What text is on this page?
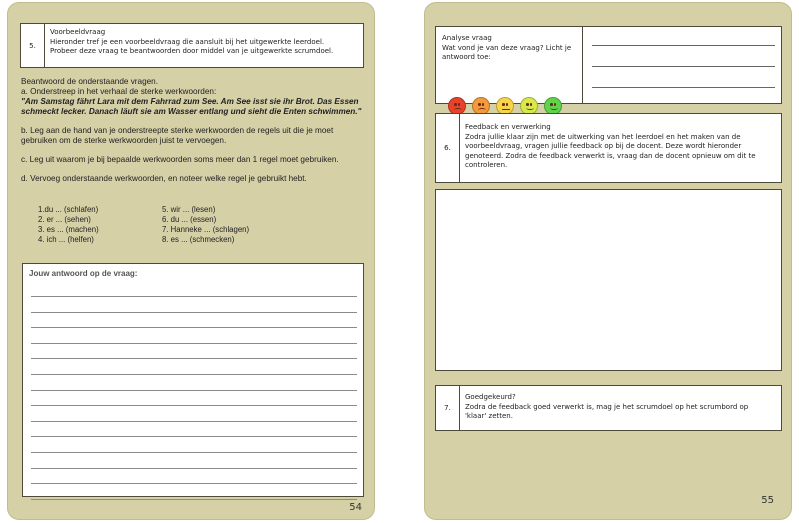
5.
Voorbeeldvraag
Hieronder tref je een voorbeeldvraag die aansluit bij het uitgewerkte leerdoel.
Probeer deze vraag te beantwoorden door middel van je uitgewerkte scrumdoel.
Beantwoord de onderstaande vragen.
a. Onderstreep in het verhaal de sterke werkwoorden:
"Am Samstag fährt Lara mit dem Fahrrad zum See. Am See isst sie ihr Brot. Das Essen
schmeckt lecker. Danach läuft sie am Wasser entlang und sieht die Enten schwimmen."
b. Leg aan de hand van je onderstreepte sterke werkwoorden de regels uit die je moet
gebruiken om de sterke werkwoorden juist te vervoegen.
c. Leg uit waarom je bij bepaalde werkwoorden soms meer dan 1 regel moet gebruiken.
d. Vervoeg onderstaande werkwoorden, en noteer welke regel je gebruikt hebt.
1.du ... (schlafen)
2. er ... (sehen)
3. es ... (machen)
4. ich ... (helfen)
5. wir ... (lesen)
6. du ... (essen)
7. Hanneke ... (schlagen)
8. es ... (schmecken)
Jouw antwoord op de vraag:
54
Analyse vraag
Wat vond je van deze vraag? Licht je
antwoord toe:
6.
Feedback en verwerking
Zodra jullie klaar zijn met de uitwerking van het leerdoel en het maken van de
voorbeeldvraag, vragen jullie feedback op bij de docent. Deze wordt hieronder
genoteerd. Zodra de feedback verwerkt is, vraag dan de docent opnieuw om dit te
controleren.
7.
Goedgekeurd?
Zodra de feedback goed verwerkt is, mag je het scrumdoel op het scrumbord op
'klaar' zetten.
55
